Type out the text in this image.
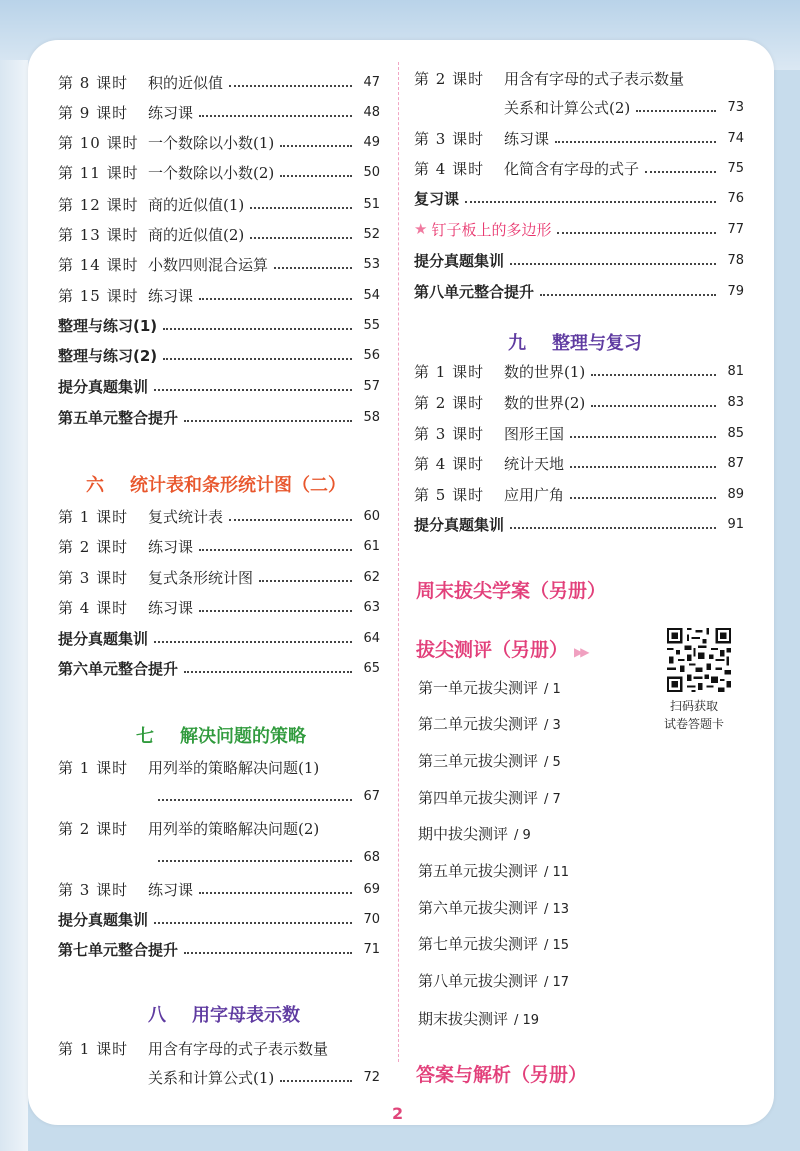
第 8 课时	积的近似值	47
第 9 课时	练习课	48
第 10 课时 一个数除以小数(1)	49
第 11 课时 一个数除以小数(2)	50
第 12 课时 商的近似值(1)	51
第 13 课时 商的近似值(2)	52
第 14 课时 小数四则混合运算	53
第 15 课时 练习课	54
整理与练习(1)	55
整理与练习(2)	56
提分真题集训	57
第五单元整合提升	58
六 统计表和条形统计图（二）
第 1 课时	复式统计表	60
第 2 课时	练习课	61
第 3 课时	复式条形统计图	62
第 4 课时	练习课	63
提分真题集训	64
第六单元整合提升	65
七 解决问题的策略
第 1 课时	用列举的策略解决问题(1)
67
第 2 课时	用列举的策略解决问题(2)
68
第 3 课时	练习课	69
提分真题集训	70
第七单元整合提升	71
八 用字母表示数
第 1 课时	用含有字母的式子表示数量
关系和计算公式(1)	72
第 2 课时	用含有字母的式子表示数量
关系和计算公式(2)	73
第 3 课时	练习课	74
第 4 课时	化简含有字母的式子	75
复习课	76
★ 钉子板上的多边形	77
提分真题集训	78
第八单元整合提升	79
九 整理与复习
第 1 课时	数的世界(1)	81
第 2 课时	数的世界(2)	83
第 3 课时	图形王国	85
第 4 课时	统计天地	87
第 5 课时	应用广角	89
提分真题集训	91
周末拔尖学案（另册）
拔尖测评（另册） ▶▶
第一单元拔尖测评 / 1
第二单元拔尖测评 / 3
第三单元拔尖测评 / 5
第四单元拔尖测评 / 7
期中拔尖测评 / 9
第五单元拔尖测评 / 11
第六单元拔尖测评 / 13
第七单元拔尖测评 / 15
第八单元拔尖测评 / 17
期末拔尖测评 / 19
答案与解析（另册）
扫码获取
试卷答题卡
2
